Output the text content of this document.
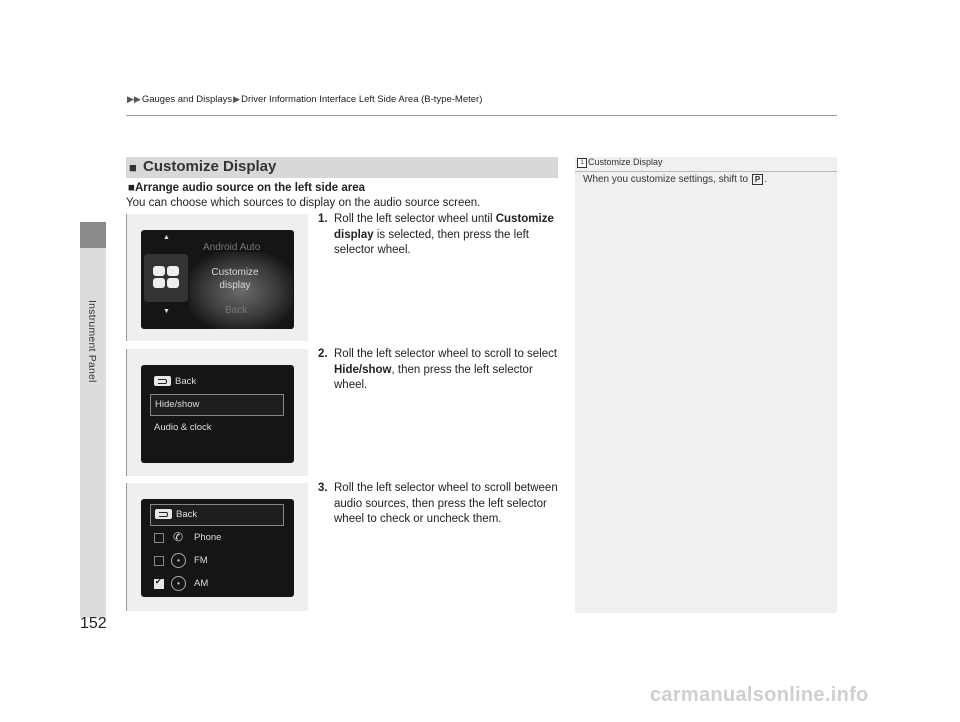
Instrument Panel
152
▶▶Gauges and Displays▶Driver Information Interface Left Side Area (B-type-Meter)
■ Customize Display
■Arrange audio source on the left side area
You can choose which sources to display on the audio source screen.
1. Roll the left selector wheel until Customize display is selected, then press the left selector wheel.
2. Roll the left selector wheel to scroll to select Hide/show, then press the left selector wheel.
3. Roll the left selector wheel to scroll between audio sources, then press the left selector wheel to check or uncheck them.
▲
▼
Android Auto
Customize
display
Back
Back
Hide/show
Audio & clock
Back
✆	Phone
•	FM
✔
•	AM
1 Customize Display
When you customize settings, shift to P .
carmanualsonline.info
